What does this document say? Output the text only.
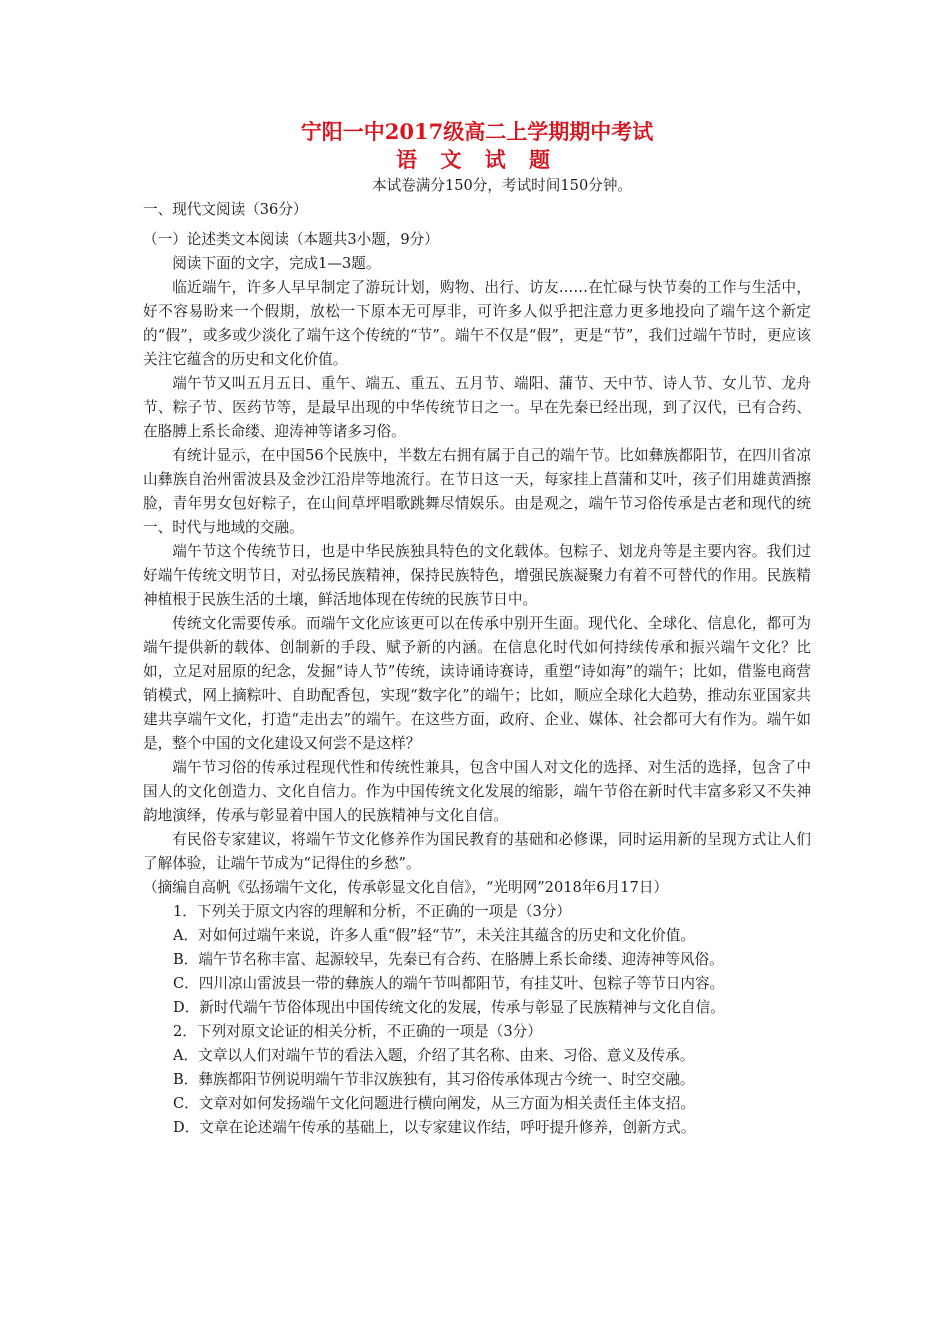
宁阳一中2017级高二上学期期中考试

语 文 试 题

本试卷满分150分，考试时间150分钟。

一、现代文阅读（36分）

（一）论述类文本阅读（本题共3小题，9分）

阅读下面的文字，完成1—3题。

临近端午，许多人早早制定了游玩计划，购物、出行、访友……在忙碌与快节奏的工作与生活中，好不容易盼来一个假期，放松一下原本无可厚非，可许多人似乎把注意力更多地投向了端午这个新定的“假”，或多或少淡化了端午这个传统的“节”。端午不仅是“假”，更是“节”，我们过端午节时，更应该关注它蕴含的历史和文化价值。

端午节又叫五月五日、重午、端五、重五、五月节、端阳、蒲节、天中节、诗人节、女儿节、龙舟节、粽子节、医药节等，是最早出现的中华传统节日之一。早在先秦已经出现，到了汉代，已有合药、在胳膊上系长命缕、迎涛神等诸多习俗。

有统计显示，在中国56个民族中，半数左右拥有属于自己的端午节。比如彝族都阳节，在四川省凉山彝族自治州雷波县及金沙江沿岸等地流行。在节日这一天，每家挂上菖蒲和艾叶，孩子们用雄黄酒擦脸，青年男女包好粽子，在山间草坪唱歌跳舞尽情娱乐。由是观之，端午节习俗传承是古老和现代的统一、时代与地域的交融。

端午节这个传统节日，也是中华民族独具特色的文化载体。包粽子、划龙舟等是主要内容。我们过好端午传统文明节日，对弘扬民族精神，保持民族特色，增强民族凝聚力有着不可替代的作用。民族精神植根于民族生活的土壤，鲜活地体现在传统的民族节日中。

传统文化需要传承。而端午文化应该更可以在传承中别开生面。现代化、全球化、信息化，都可为端午提供新的载体、创制新的手段、赋予新的内涵。在信息化时代如何持续传承和振兴端午文化？比如，立足对屈原的纪念，发掘“诗人节”传统，读诗诵诗赛诗，重塑“诗如海”的端午；比如，借鉴电商营销模式，网上摘粽叶、自助配香包，实现“数字化”的端午；比如，顺应全球化大趋势，推动东亚国家共建共享端午文化，打造“走出去”的端午。在这些方面，政府、企业、媒体、社会都可大有作为。端午如是，整个中国的文化建设又何尝不是这样？

端午节习俗的传承过程现代性和传统性兼具，包含中国人对文化的选择、对生活的选择，包含了中国人的文化创造力、文化自信力。作为中国传统文化发展的缩影，端午节俗在新时代丰富多彩又不失神韵地演绎，传承与彰显着中国人的民族精神与文化自信。

有民俗专家建议，将端午节文化修养作为国民教育的基础和必修课，同时运用新的呈现方式让人们了解体验，让端午节成为“记得住的乡愁”。

（摘编自高帆《弘扬端午文化，传承彰显文化自信》，“光明网”2018年6月17日）

1．下列关于原文内容的理解和分析，不正确的一项是（3分）

A．对如何过端午来说，许多人重“假”轻“节”，未关注其蕴含的历史和文化价值。

B．端午节名称丰富、起源较早，先秦已有合药、在胳膊上系长命缕、迎涛神等风俗。

C．四川凉山雷波县一带的彝族人的端午节叫都阳节，有挂艾叶、包粽子等节日内容。

D．新时代端午节俗体现出中国传统文化的发展，传承与彰显了民族精神与文化自信。

2．下列对原文论证的相关分析，不正确的一项是（3分）

A．文章以人们对端午节的看法入题，介绍了其名称、由来、习俗、意义及传承。

B．彝族都阳节例说明端午节非汉族独有，其习俗传承体现古今统一、时空交融。

C．文章对如何发扬端午文化问题进行横向阐发，从三方面为相关责任主体支招。

D．文章在论述端午传承的基础上，以专家建议作结，呼吁提升修养，创新方式。
